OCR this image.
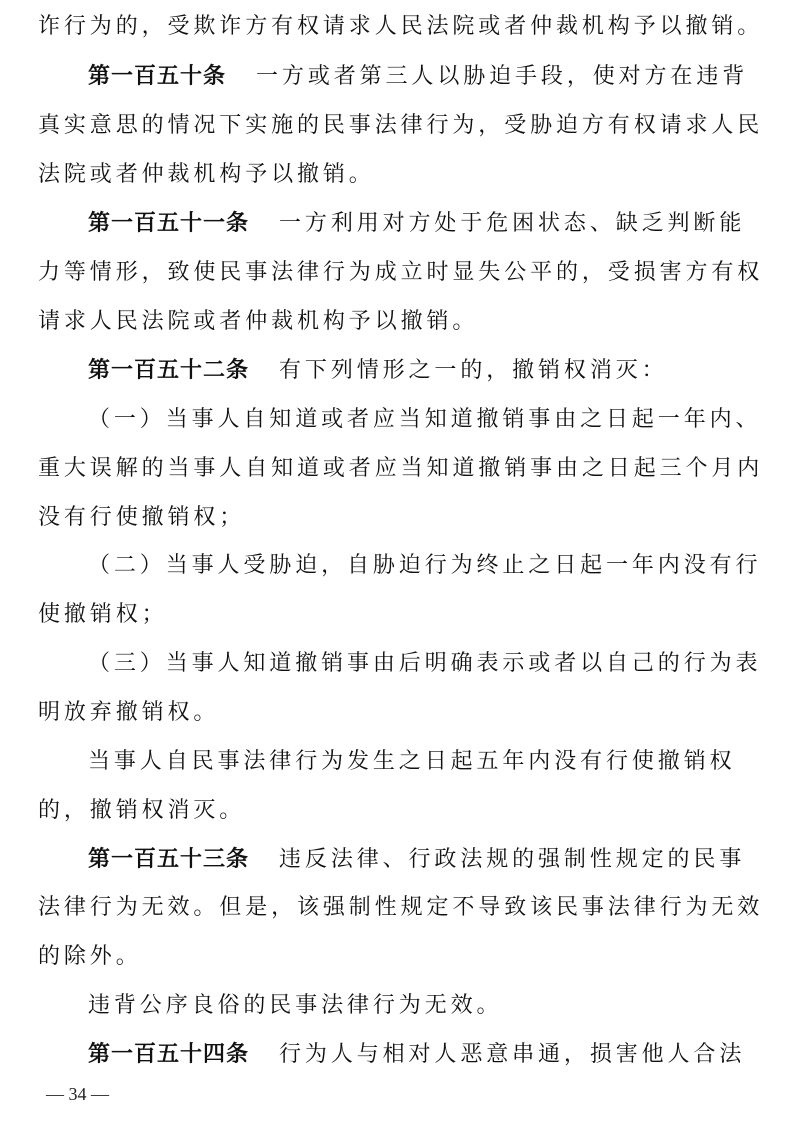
诈行为的，受欺诈方有权请求人民法院或者仲裁机构予以撤销。
第一百五十条 一方或者第三人以胁迫手段，使对方在违背
真实意思的情况下实施的民事法律行为，受胁迫方有权请求人民
法院或者仲裁机构予以撤销。
第一百五十一条 一方利用对方处于危困状态、缺乏判断能
力等情形，致使民事法律行为成立时显失公平的，受损害方有权
请求人民法院或者仲裁机构予以撤销。
第一百五十二条 有下列情形之一的，撤销权消灭：
（一）当事人自知道或者应当知道撤销事由之日起一年内、
重大误解的当事人自知道或者应当知道撤销事由之日起三个月内
没有行使撤销权；
（二）当事人受胁迫，自胁迫行为终止之日起一年内没有行
使撤销权；
（三）当事人知道撤销事由后明确表示或者以自己的行为表
明放弃撤销权。
当事人自民事法律行为发生之日起五年内没有行使撤销权
的，撤销权消灭。
第一百五十三条 违反法律、行政法规的强制性规定的民事
法律行为无效。但是，该强制性规定不导致该民事法律行为无效
的除外。
违背公序良俗的民事法律行为无效。
第一百五十四条 行为人与相对人恶意串通，损害他人合法
— 34 —
